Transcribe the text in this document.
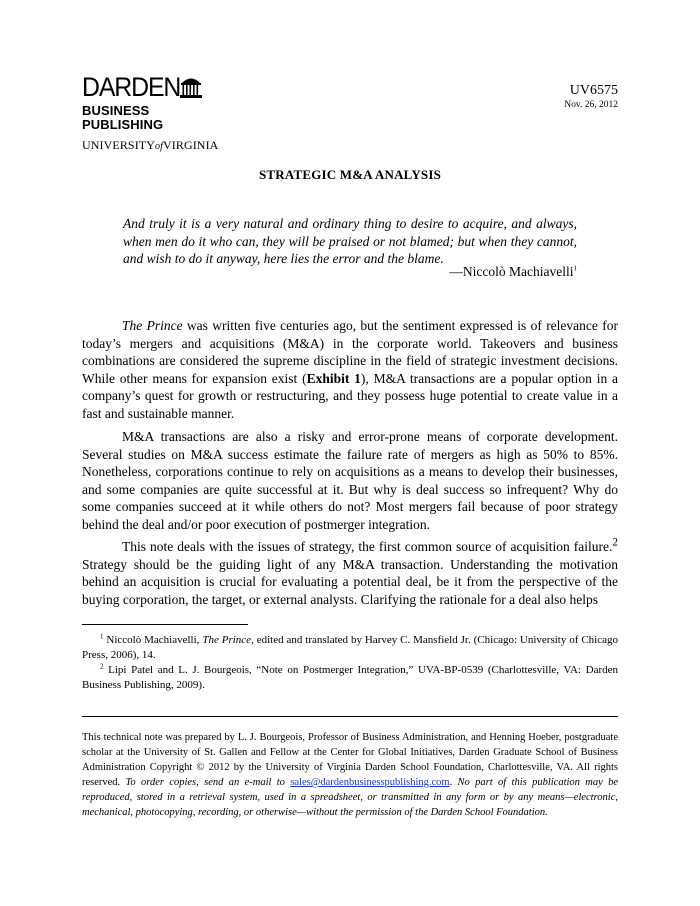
DARDEN
BUSINESS PUBLISHING
UNIVERSITYofVIRGINIA
UV6575
Nov. 26, 2012
STRATEGIC M&A ANALYSIS
And truly it is a very natural and ordinary thing to desire to acquire, and always, when men do it who can, they will be praised or not blamed; but when they cannot, and wish to do it anyway, here lies the error and the blame.
—Niccolò Machiavelli$^1$
The Prince was written five centuries ago, but the sentiment expressed is of relevance for today’s mergers and acquisitions (M&A) in the corporate world. Takeovers and business combinations are considered the supreme discipline in the field of strategic investment decisions. While other means for expansion exist (Exhibit 1), M&A transactions are a popular option in a company’s quest for growth or restructuring, and they possess huge potential to create value in a fast and sustainable manner.
M&A transactions are also a risky and error-prone means of corporate development. Several studies on M&A success estimate the failure rate of mergers as high as 50% to 85%. Nonetheless, corporations continue to rely on acquisitions as a means to develop their businesses, and some companies are quite successful at it. But why is deal success so infrequent? Why do some companies succeed at it while others do not? Most mergers fail because of poor strategy behind the deal and/or poor execution of postmerger integration.
This note deals with the issues of strategy, the first common source of acquisition failure.$^2$ Strategy should be the guiding light of any M&A transaction. Understanding the motivation behind an acquisition is crucial for evaluating a potential deal, be it from the perspective of the buying corporation, the target, or external analysts. Clarifying the rationale for a deal also helps
$^1$ Niccolò Machiavelli, The Prince, edited and translated by Harvey C. Mansfield Jr. (Chicago: University of Chicago Press, 2006), 14.
$^2$ Lipi Patel and L. J. Bourgeois, “Note on Postmerger Integration,” UVA-BP-0539 (Charlottesville, VA: Darden Business Publishing, 2009).
This technical note was prepared by L. J. Bourgeois, Professor of Business Administration, and Henning Hoeber, postgraduate scholar at the University of St. Gallen and Fellow at the Center for Global Initiatives, Darden Graduate School of Business Administration Copyright © 2012 by the University of Virginia Darden School Foundation, Charlottesville, VA. All rights reserved. To order copies, send an e-mail to sales@dardenbusinesspublishing.com. No part of this publication may be reproduced, stored in a retrieval system, used in a spreadsheet, or transmitted in any form or by any means—electronic, mechanical, photocopying, recording, or otherwise—without the permission of the Darden School Foundation.
